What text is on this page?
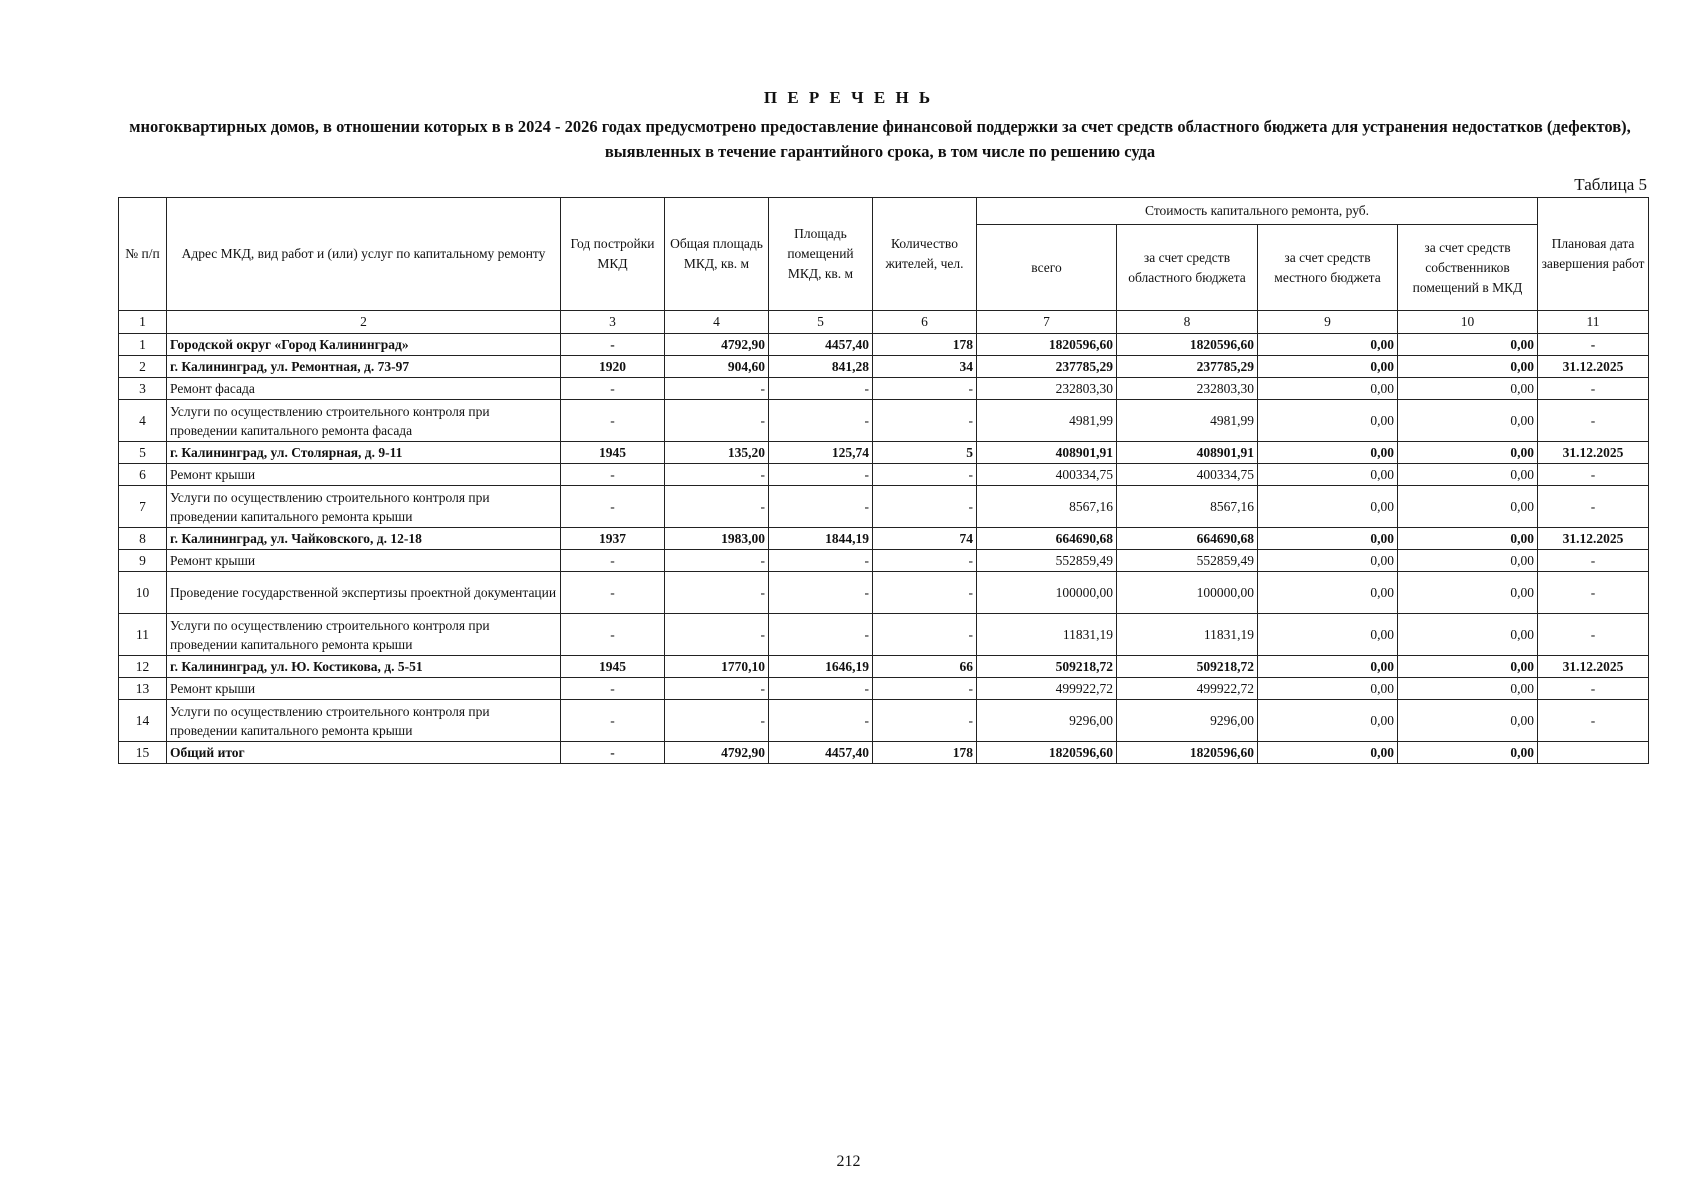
П Е Р Е Ч Е Н Ь
многоквартирных домов, в отношении которых в в 2024 - 2026 годах предусмотрено предоставление финансовой поддержки за счет средств областного бюджета для устранения недостатков (дефектов), выявленных в течение гарантийного срока, в том числе по решению суда
Таблица 5
№ п/п	Адрес МКД, вид работ и (или) услуг по капитальному ремонту	Год постройки МКД	Общая площадь МКД, кв. м	Площадь помещений МКД, кв. м	Количество жителей, чел.	Стоимость капитального ремонта, руб.				Плановая дата завершения работ
						всего	за счет средств областного бюджета	за счет средств местного бюджета	за счет средств собственников помещений в МКД	
1	2	3	4	5	6	7	8	9	10	11
1	Городской округ «Город Калининград»	-	4792,90	4457,40	178	1820596,60	1820596,60	0,00	0,00	-
2	г. Калининград, ул. Ремонтная, д. 73-97	1920	904,60	841,28	34	237785,29	237785,29	0,00	0,00	31.12.2025
3	Ремонт фасада	-	-	-	-	232803,30	232803,30	0,00	0,00	-
4	Услуги по осуществлению строительного контроля при проведении капитального ремонта фасада	-	-	-	-	4981,99	4981,99	0,00	0,00	-
5	г. Калининград, ул. Столярная, д. 9-11	1945	135,20	125,74	5	408901,91	408901,91	0,00	0,00	31.12.2025
6	Ремонт крыши	-	-	-	-	400334,75	400334,75	0,00	0,00	-
7	Услуги по осуществлению строительного контроля при проведении капитального ремонта крыши	-	-	-	-	8567,16	8567,16	0,00	0,00	-
8	г. Калининград, ул. Чайковского, д. 12-18	1937	1983,00	1844,19	74	664690,68	664690,68	0,00	0,00	31.12.2025
9	Ремонт крыши	-	-	-	-	552859,49	552859,49	0,00	0,00	-
10	Проведение государственной экспертизы проектной документации	-	-	-	-	100000,00	100000,00	0,00	0,00	-
11	Услуги по осуществлению строительного контроля при проведении капитального ремонта крыши	-	-	-	-	11831,19	11831,19	0,00	0,00	-
12	г. Калининград, ул. Ю. Костикова, д. 5-51	1945	1770,10	1646,19	66	509218,72	509218,72	0,00	0,00	31.12.2025
13	Ремонт крыши	-	-	-	-	499922,72	499922,72	0,00	0,00	-
14	Услуги по осуществлению строительного контроля при проведении капитального ремонта крыши	-	-	-	-	9296,00	9296,00	0,00	0,00	-
15	Общий итог	-	4792,90	4457,40	178	1820596,60	1820596,60	0,00	0,00	
212
